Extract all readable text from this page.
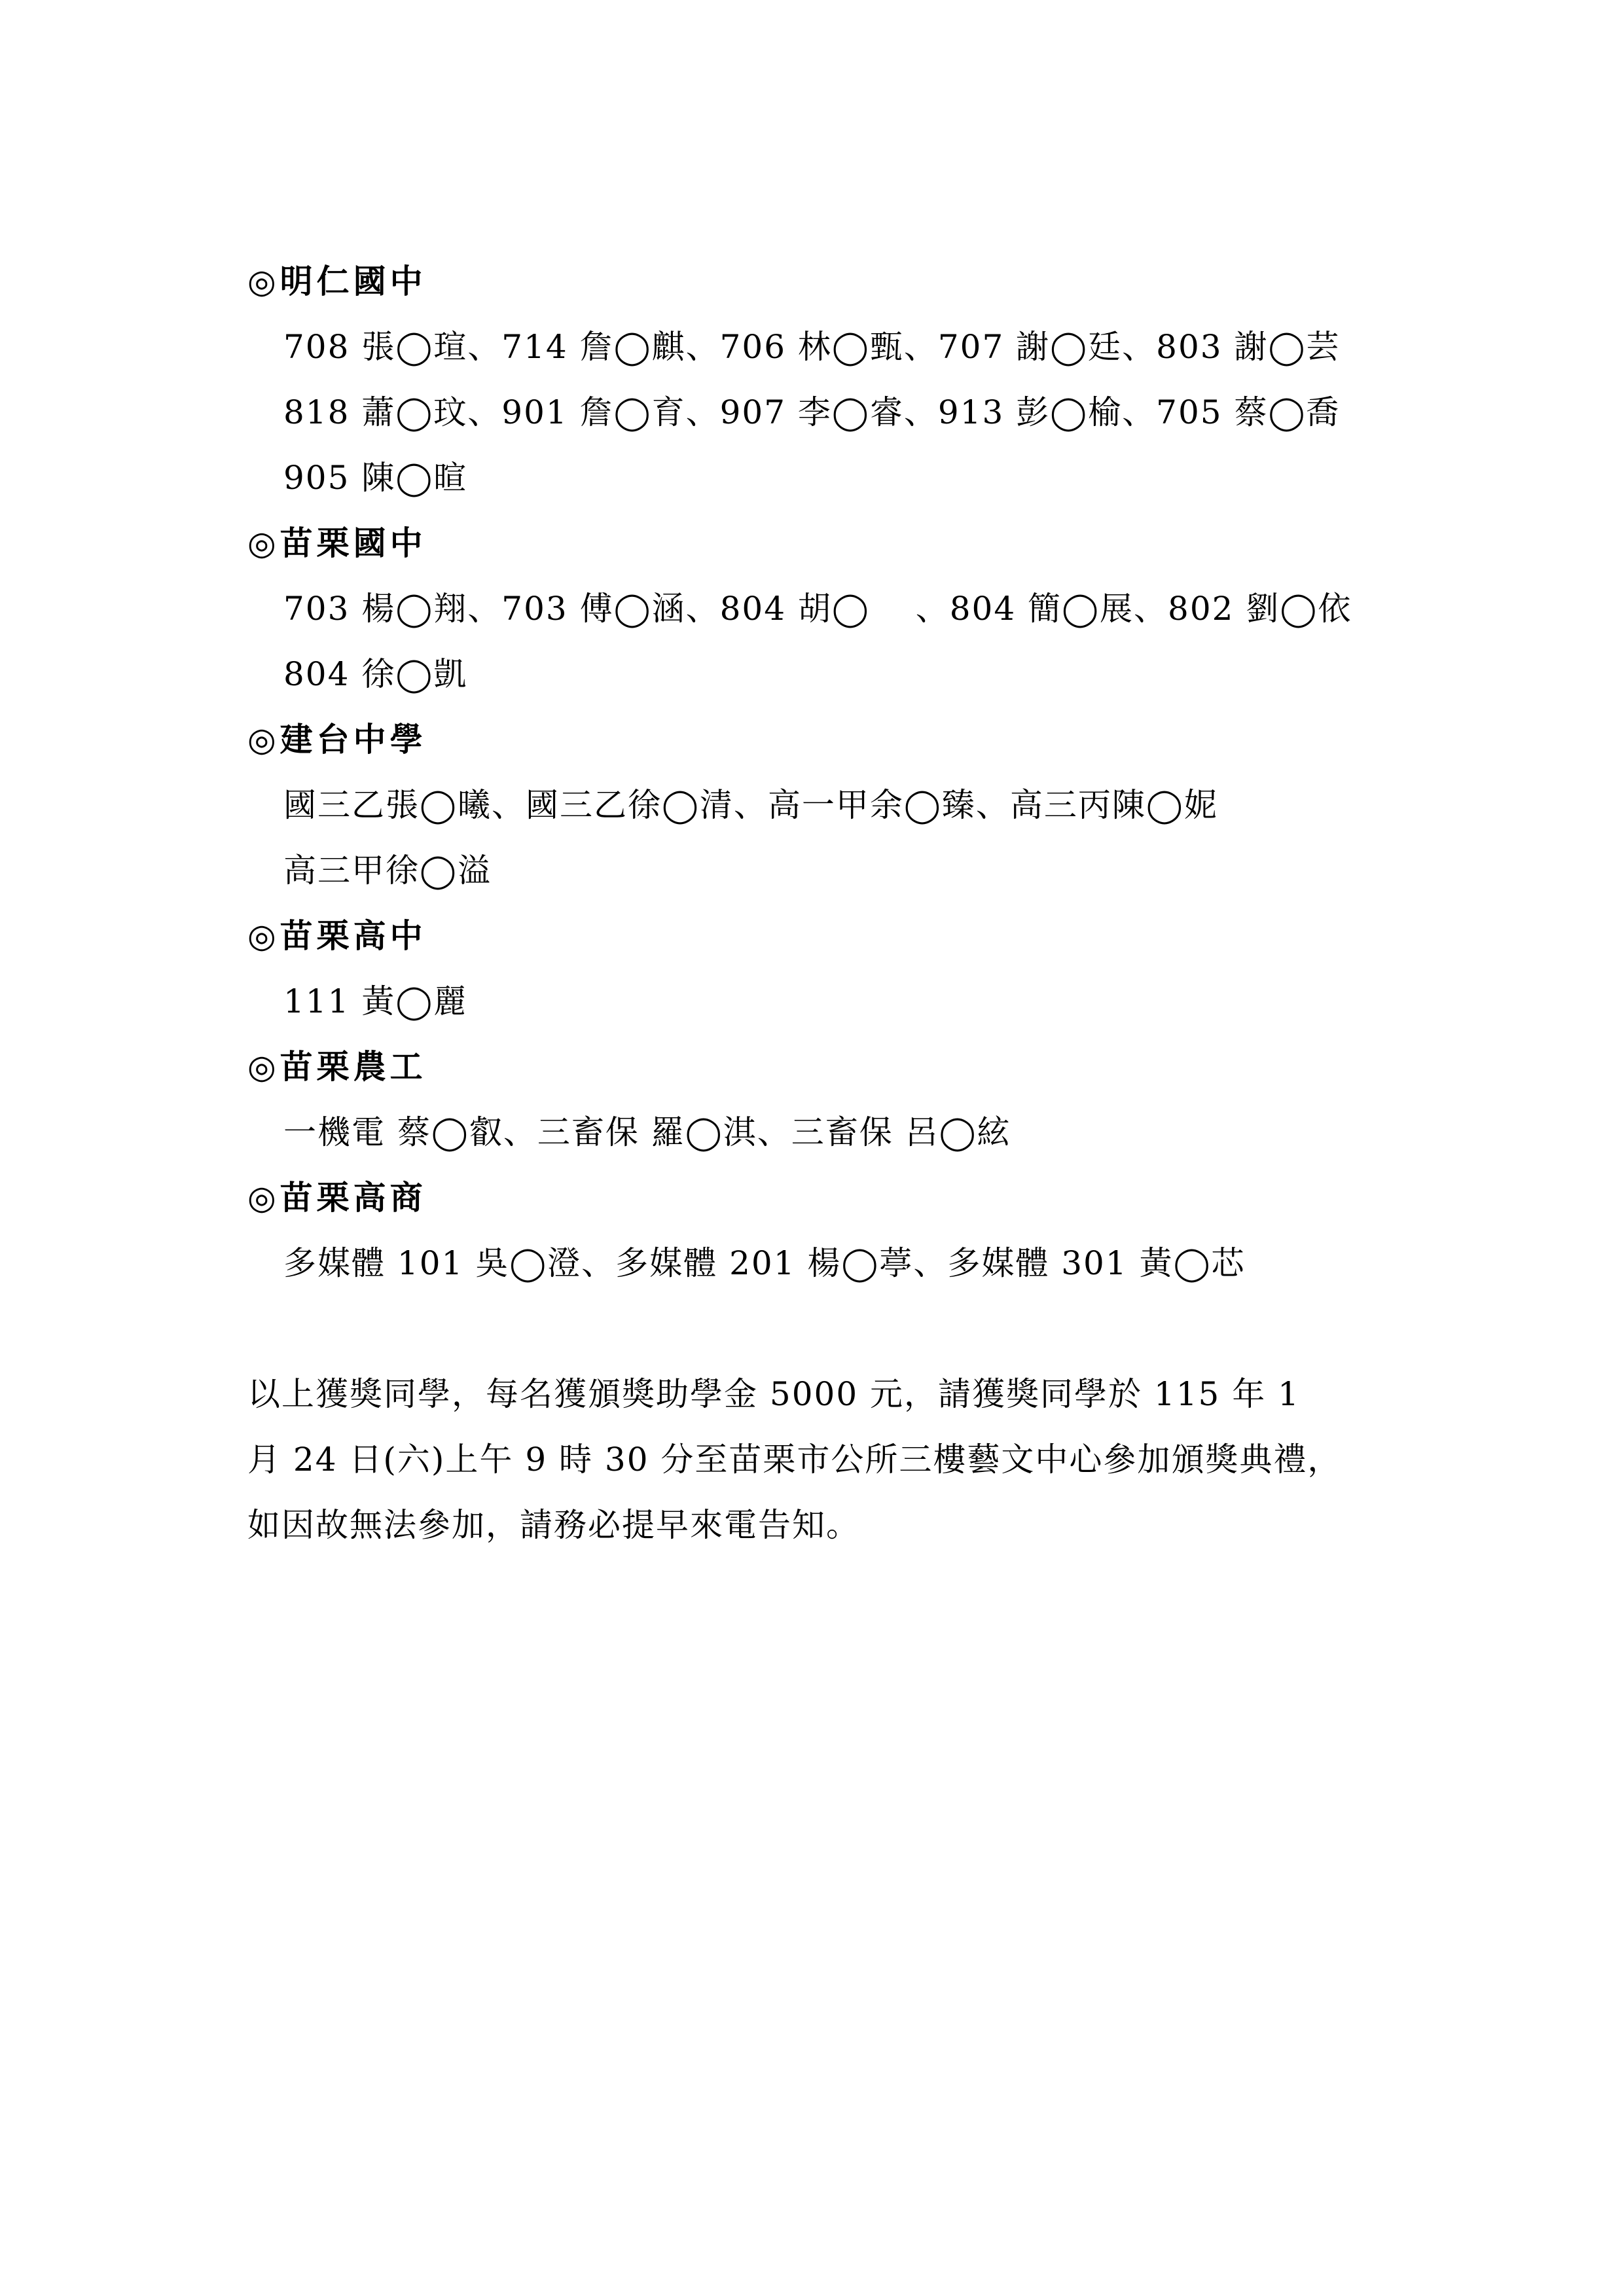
◎明仁國中
708 張◯瑄、714 詹◯麒、706 林◯甄、707 謝◯廷、803 謝◯芸
818 蕭◯玟、901 詹◯育、907 李◯睿、913 彭◯榆、705 蔡◯喬
905 陳◯暄
◎苗栗國中
703 楊◯翔、703 傅◯涵、804 胡◯　 、804 簡◯展、802 劉◯依
804 徐◯凱
◎建台中學
國三乙張◯曦、國三乙徐◯清、高一甲余◯臻、高三丙陳◯妮
高三甲徐◯溢
◎苗栗高中
111 黃◯麗
◎苗栗農工
一機電 蔡◯叡、三畜保 羅◯淇、三畜保 呂◯絃
◎苗栗高商
多媒體 101 吳◯澄、多媒體 201 楊◯葶、多媒體 301 黃◯芯
以上獲獎同學，每名獲頒獎助學金 5000 元，請獲獎同學於 115 年 1
月 24 日(六)上午 9 時 30 分至苗栗市公所三樓藝文中心參加頒獎典禮，
如因故無法參加，請務必提早來電告知。
